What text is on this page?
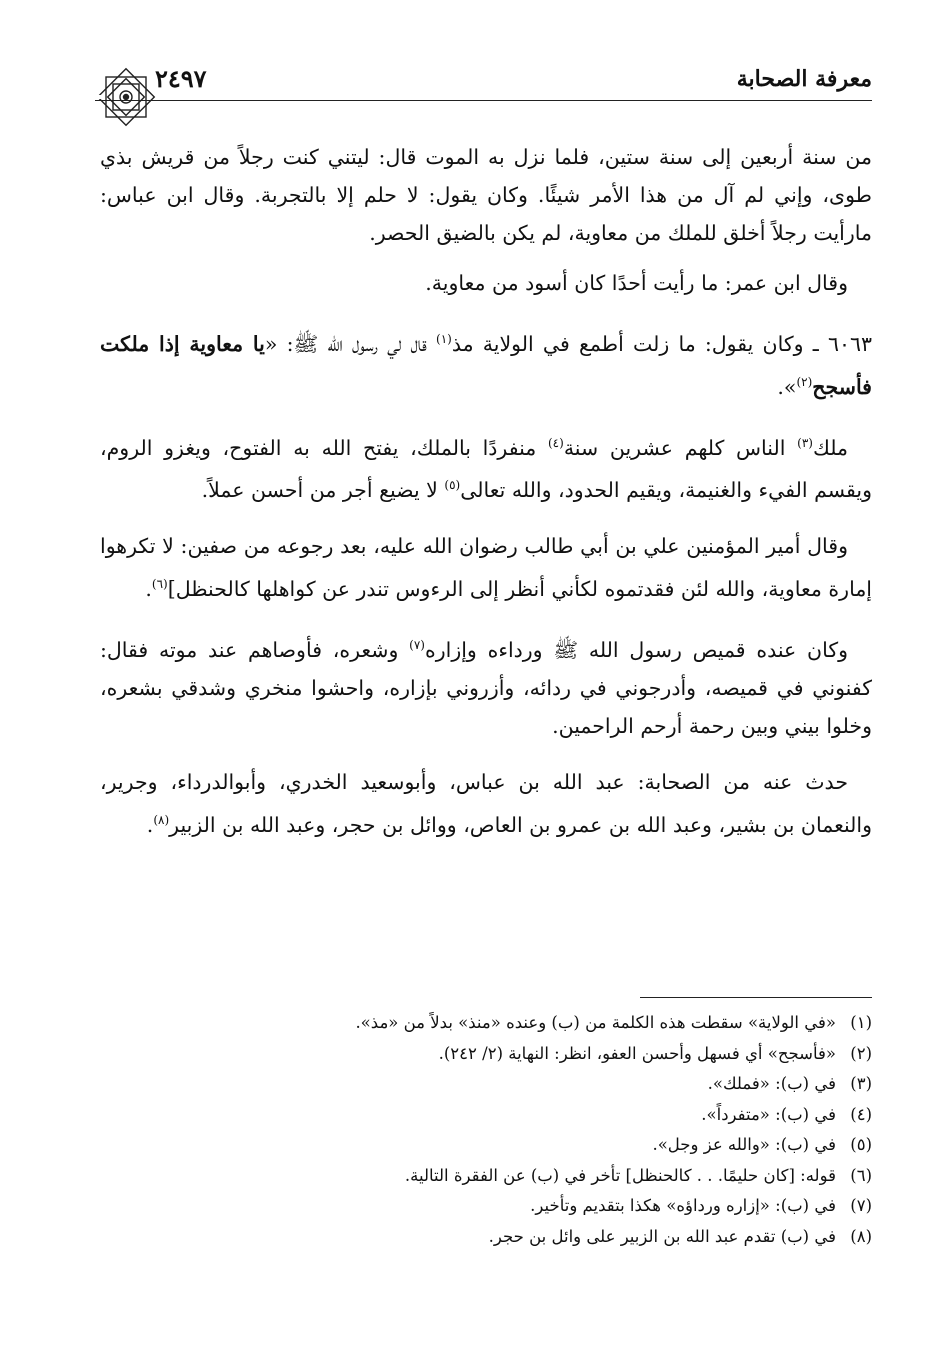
معرفة الصحابة
٢٤٩٧

من سنة أربعين إلى سنة ستين، فلما نزل به الموت قال: ليتني كنت رجلاً من قريش بذي طوى، وإني لم آل من هذا الأمر شيئًا. وكان يقول: لا حلم إلا بالتجربة. وقال ابن عباس: مارأيت رجلاً أخلق للملك من معاوية، لم يكن بالضيق الحصر.

وقال ابن عمر: ما رأيت أحدًا كان أسود من معاوية.

٦٠٦٣ ـ وكان يقول: ما زلت أطمع في الولاية مذ$^{(١)}$ قال لي رسول الله ﷺ: «يا معاوية إذا ملكت فأسجح$^{(٢)}$».

ملك$^{(٣)}$ الناس كلهم عشرين سنة$^{(٤)}$ منفردًا بالملك، يفتح الله به الفتوح، ويغزو الروم، ويقسم الفيء والغنيمة، ويقيم الحدود، والله تعالى$^{(٥)}$ لا يضيع أجر من أحسن عملاً.

وقال أمير المؤمنين علي بن أبي طالب رضوان الله عليه، بعد رجوعه من صفين: لا تكرهوا إمارة معاوية، والله لئن فقدتموه لكأني أنظر إلى الرءوس تندر عن كواهلها كالحنظل]$^{(٦)}$.

وكان عنده قميص رسول الله ﷺ ورداءه وإزاره$^{(٧)}$ وشعره، فأوصاهم عند موته فقال: كفنوني في قميصه، وأدرجوني في ردائه، وأزروني بإزاره، واحشوا منخري وشدقي بشعره، وخلوا بيني وبين رحمة أرحم الراحمين.

حدث عنه من الصحابة: عبد الله بن عباس، وأبوسعيد الخدري، وأبوالدرداء، وجرير، والنعمان بن بشير، وعبد الله بن عمرو بن العاص، ووائل بن حجر، وعبد الله بن الزبير$^{(٨)}$.

(١)«في الولاية» سقطت هذه الكلمة من (ب) وعنده «منذ» بدلاً من «مذ».
(٢)«فأسجح» أي فسهل وأحسن العفو، انظر: النهاية (٢/ ٢٤٢).
(٣)في (ب): «فملك».
(٤)في (ب): «متفرداً».
(٥)في (ب): «والله عز وجل».
(٦)قوله: [كان حليمًا. . . كالحنظل] تأخر في (ب) عن الفقرة التالية.
(٧)في (ب): «إزاره ورداؤه» هكذا بتقديم وتأخير.
(٨)في (ب) تقدم عبد الله بن الزبير على وائل بن حجر.
